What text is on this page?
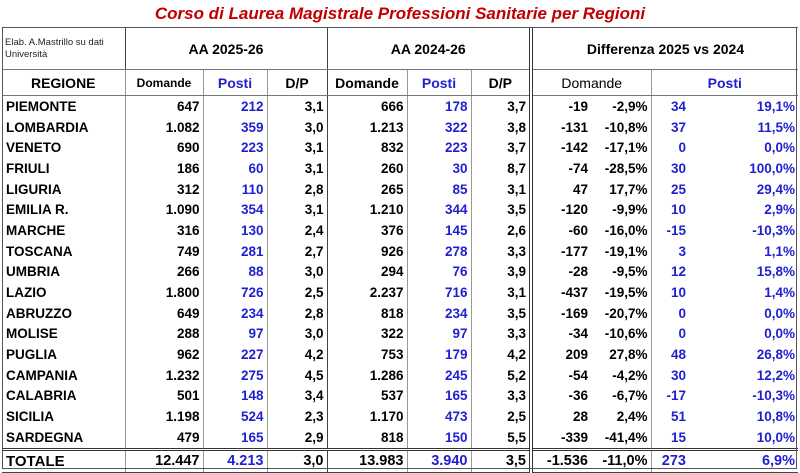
Corso di Laurea Magistrale Professioni Sanitarie per Regioni
Elab. A.Mastrillo su dati Università	AA 2025-26			AA 2024-26			Differenza 2025 vs 2024			
REGIONE	Domande	Posti	D/P	Domande	Posti	D/P	Domande		Posti	
PIEMONTE	647	212	3,1	666	178	3,7	-19	-2,9%	34	19,1%
LOMBARDIA	1.082	359	3,0	1.213	322	3,8	-131	-10,8%	37	11,5%
VENETO	690	223	3,1	832	223	3,7	-142	-17,1%	0	0,0%
FRIULI	186	60	3,1	260	30	8,7	-74	-28,5%	30	100,0%
LIGURIA	312	110	2,8	265	85	3,1	47	17,7%	25	29,4%
EMILIA R.	1.090	354	3,1	1.210	344	3,5	-120	-9,9%	10	2,9%
MARCHE	316	130	2,4	376	145	2,6	-60	-16,0%	-15	-10,3%
TOSCANA	749	281	2,7	926	278	3,3	-177	-19,1%	3	1,1%
UMBRIA	266	88	3,0	294	76	3,9	-28	-9,5%	12	15,8%
LAZIO	1.800	726	2,5	2.237	716	3,1	-437	-19,5%	10	1,4%
ABRUZZO	649	234	2,8	818	234	3,5	-169	-20,7%	0	0,0%
MOLISE	288	97	3,0	322	97	3,3	-34	-10,6%	0	0,0%
PUGLIA	962	227	4,2	753	179	4,2	209	27,8%	48	26,8%
CAMPANIA	1.232	275	4,5	1.286	245	5,2	-54	-4,2%	30	12,2%
CALABRIA	501	148	3,4	537	165	3,3	-36	-6,7%	-17	-10,3%
SICILIA	1.198	524	2,3	1.170	473	2,5	28	2,4%	51	10,8%
SARDEGNA	479	165	2,9	818	150	5,5	-339	-41,4%	15	10,0%
TOTALE	12.447	4.213	3,0	13.983	3.940	3,5	-1.536	-11,0%	273	6,9%
